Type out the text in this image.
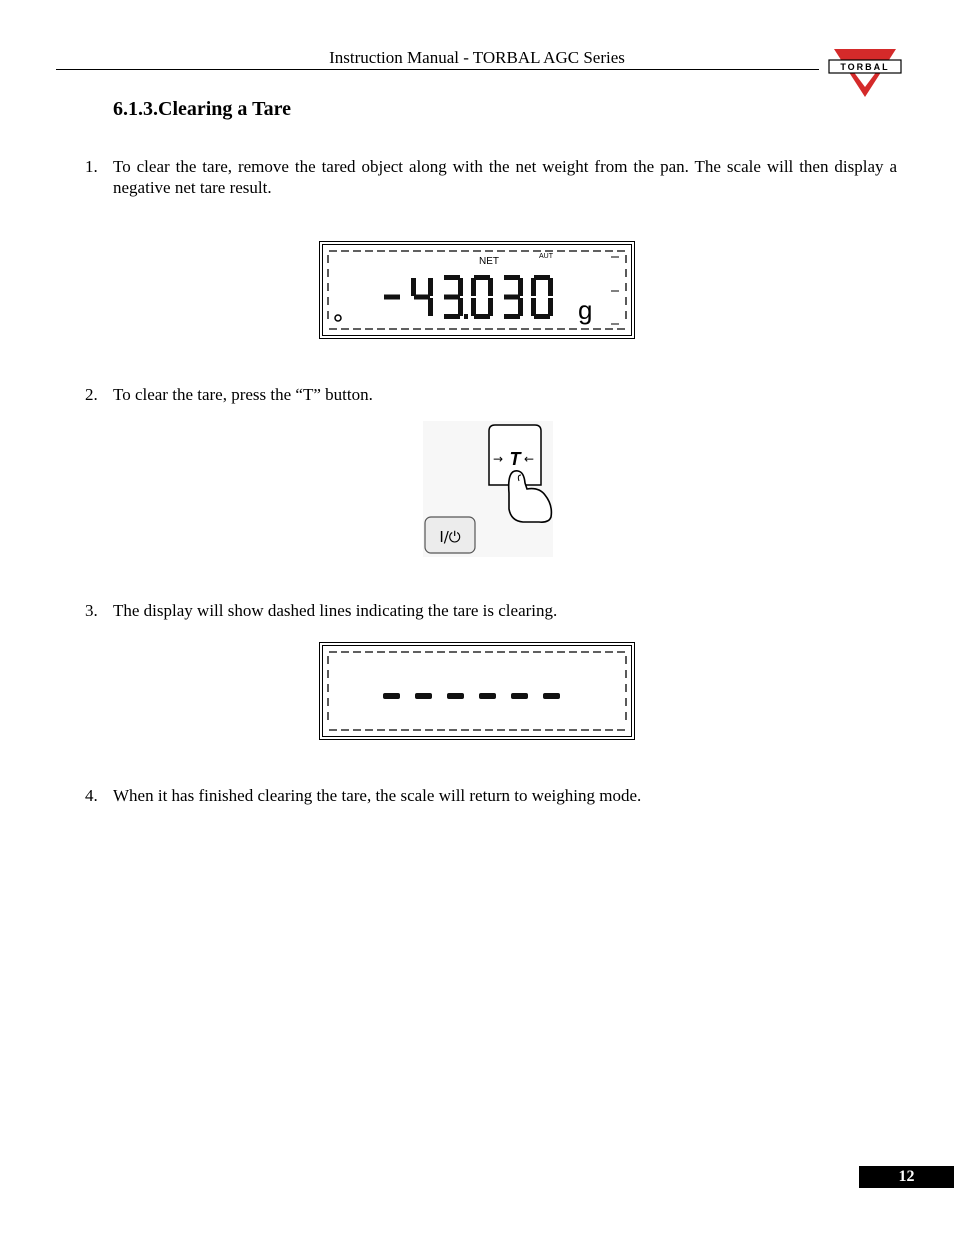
Instruction Manual - TORBAL AGC Series	TORBAL
6.1.3.Clearing a Tare
1. To clear the tare, remove the tared object along with the net weight from the pan. The scale will then display a negative net tare result.
NET	AUT
g
2. To clear the tare, press the “T” button.
→ T ←
I/⏻
3. The display will show dashed lines indicating the tare is clearing.
4. When it has finished clearing the tare, the scale will return to weighing mode.
12
